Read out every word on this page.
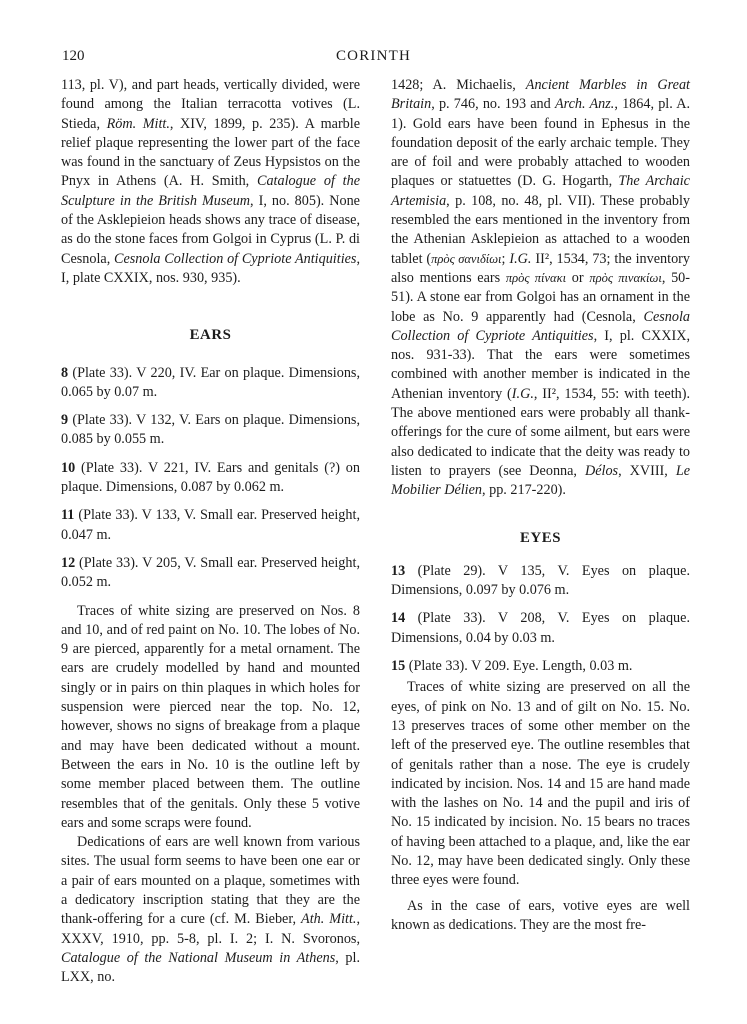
120	CORINTH

113, pl. V), and part heads, vertically divided, were found among the Italian terracotta votives (L. Stieda, Röm. Mitt., XIV, 1899, p. 235). A marble relief plaque representing the lower part of the face was found in the sanctuary of Zeus Hypsistos on the Pnyx in Athens (A. H. Smith, Catalogue of the Sculpture in the British Museum, I, no. 805). None of the Asklepieion heads shows any trace of disease, as do the stone faces from Golgoi in Cyprus (L. P. di Cesnola, Cesnola Collection of Cypriote Antiquities, I, plate CXXIX, nos. 930, 935).

EARS

8 (Plate 33). V 220, IV. Ear on plaque. Dimensions, 0.065 by 0.07 m.

9 (Plate 33). V 132, V. Ears on plaque. Dimensions, 0.085 by 0.055 m.

10 (Plate 33). V 221, IV. Ears and genitals (?) on plaque. Dimensions, 0.087 by 0.062 m.

11 (Plate 33). V 133, V. Small ear. Preserved height, 0.047 m.

12 (Plate 33). V 205, V. Small ear. Preserved height, 0.052 m.

Traces of white sizing are preserved on Nos. 8 and 10, and of red paint on No. 10. The lobes of No. 9 are pierced, apparently for a metal ornament. The ears are crudely modelled by hand and mounted singly or in pairs on thin plaques in which holes for suspension were pierced near the top. No. 12, however, shows no signs of breakage from a plaque and may have been dedicated without a mount. Between the ears in No. 10 is the outline left by some member placed between them. The outline resembles that of the genitals. Only these 5 votive ears and some scraps were found.

Dedications of ears are well known from various sites. The usual form seems to have been one ear or a pair of ears mounted on a plaque, sometimes with a dedicatory inscription stating that they are the thank-offering for a cure (cf. M. Bieber, Ath. Mitt., XXXV, 1910, pp. 5-8, pl. I. 2; I. N. Svoronos, Catalogue of the National Museum in Athens, pl. LXX, no.

1428; A. Michaelis, Ancient Marbles in Great Britain, p. 746, no. 193 and Arch. Anz., 1864, pl. A. 1). Gold ears have been found in Ephesus in the foundation deposit of the early archaic temple. They are of foil and were probably attached to wooden plaques or statuettes (D. G. Hogarth, The Archaic Artemisia, p. 108, no. 48, pl. VII). These probably resembled the ears mentioned in the inventory from the Athenian Asklepieion as attached to a wooden tablet (πρὸς σανιδίωι; I.G. II², 1534, 73; the inventory also mentions ears πρὸς πίνακι or πρὸς πινακίωι, 50-51). A stone ear from Golgoi has an ornament in the lobe as No. 9 apparently had (Cesnola, Cesnola Collection of Cypriote Antiquities, I, pl. CXXIX, nos. 931-33). That the ears were sometimes combined with another member is indicated in the Athenian inventory (I.G., II², 1534, 55: with teeth). The above mentioned ears were probably all thank-offerings for the cure of some ailment, but ears were also dedicated to indicate that the deity was ready to listen to prayers (see Deonna, Délos, XVIII, Le Mobilier Délien, pp. 217-220).

EYES

13 (Plate 29). V 135, V. Eyes on plaque. Dimensions, 0.097 by 0.076 m.

14 (Plate 33). V 208, V. Eyes on plaque. Dimensions, 0.04 by 0.03 m.

15 (Plate 33). V 209. Eye. Length, 0.03 m.

Traces of white sizing are preserved on all the eyes, of pink on No. 13 and of gilt on No. 15. No. 13 preserves traces of some other member on the left of the preserved eye. The outline resembles that of genitals rather than a nose. The eye is crudely indicated by incision. Nos. 14 and 15 are hand made with the lashes on No. 14 and the pupil and iris of No. 15 indicated by incision. No. 15 bears no traces of having been attached to a plaque, and, like the ear No. 12, may have been dedicated singly. Only these three eyes were found.

As in the case of ears, votive eyes are well known as dedications. They are the most fre-
